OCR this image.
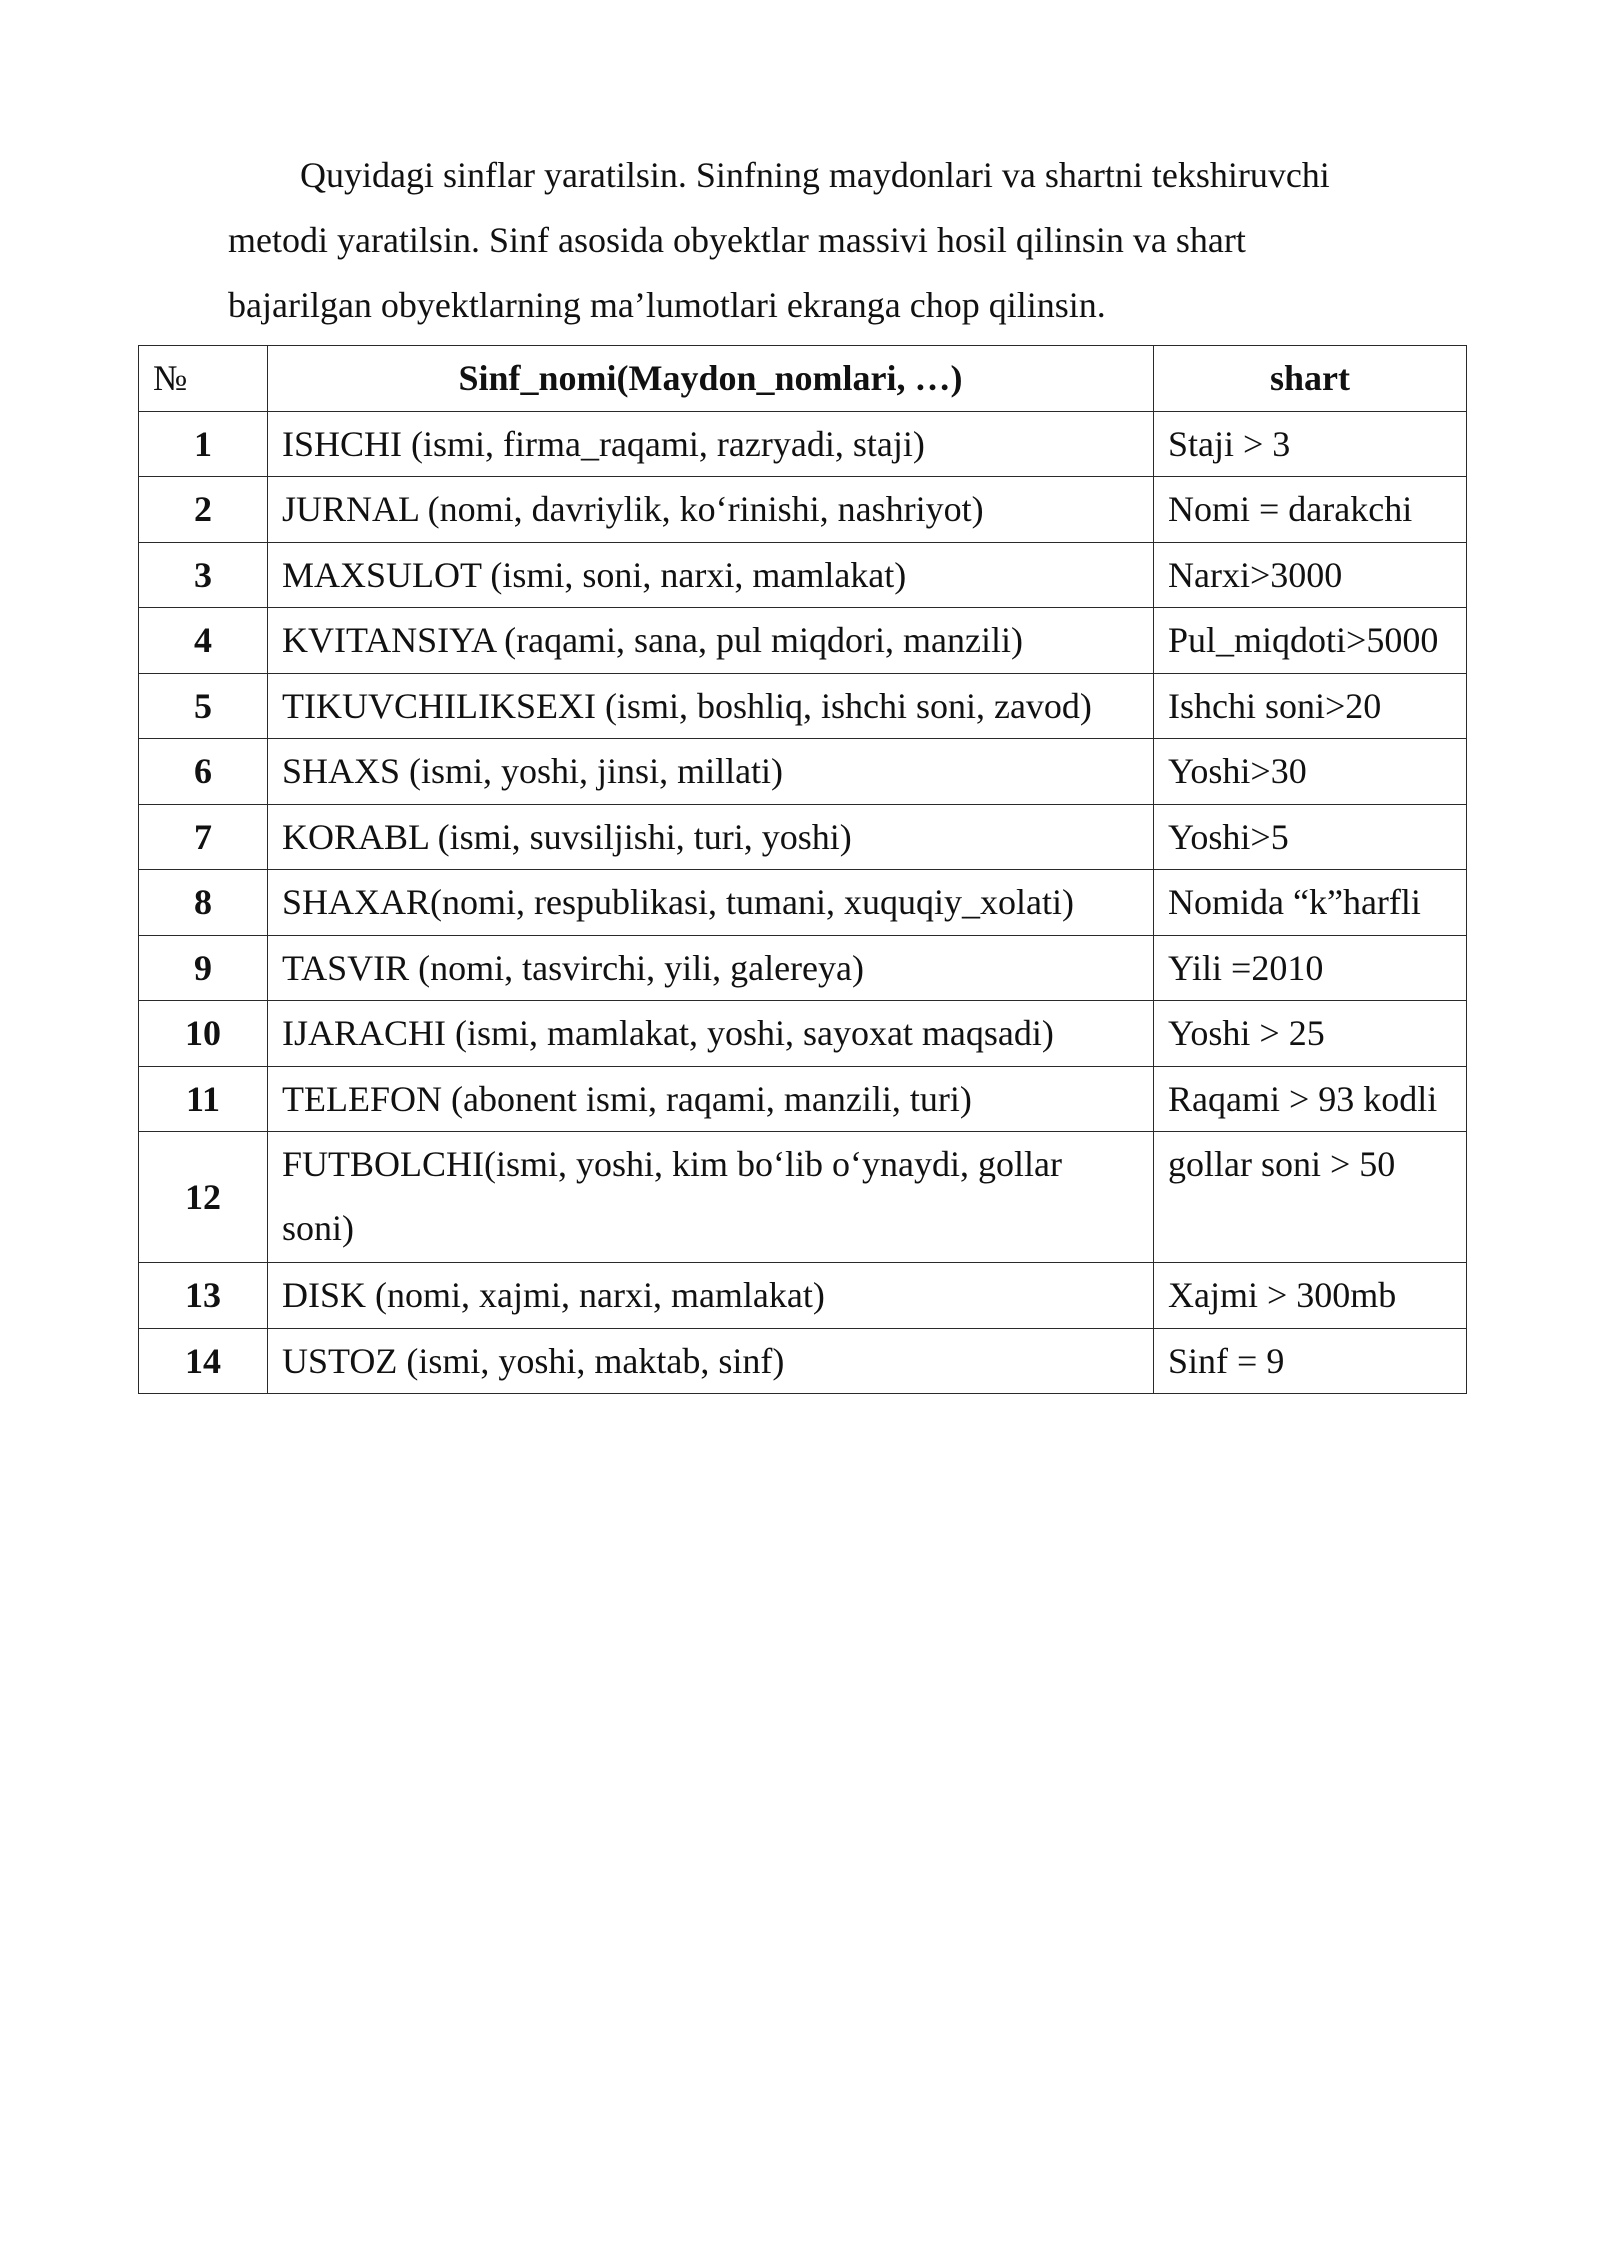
Quyidagi sinflar yaratilsin. Sinfning maydonlari va shartni tekshiruvchi
metodi yaratilsin. Sinf asosida obyektlar massivi hosil qilinsin va shart
bajarilgan obyektlarning ma’lumotlari ekranga chop qilinsin.
№	Sinf_nomi(Maydon_nomlari, …)	shart
1	ISHCHI (ismi, firma_raqami, razryadi, staji)	Staji > 3
2	JURNAL (nomi, davriylik, ko‘rinishi, nashriyot)	Nomi = darakchi
3	MAXSULOT (ismi, soni, narxi, mamlakat)	Narxi>3000
4	KVITANSIYA (raqami, sana, pul miqdori, manzili)	Pul_miqdoti>5000
5	TIKUVCHILIKSEXI (ismi, boshliq, ishchi soni, zavod)	Ishchi soni>20
6	SHAXS (ismi, yoshi, jinsi, millati)	Yoshi>30
7	KORABL (ismi, suvsiljishi, turi, yoshi)	Yoshi>5
8	SHAXAR(nomi, respublikasi, tumani, xuquqiy_xolati)	Nomida “k”harfli
9	TASVIR (nomi, tasvirchi, yili, galereya)	Yili =2010
10	IJARACHI (ismi, mamlakat, yoshi, sayoxat maqsadi)	Yoshi > 25
11	TELEFON (abonent ismi, raqami, manzili, turi)	Raqami > 93 kodli
12	FUTBOLCHI(ismi, yoshi, kim bo‘lib o‘ynaydi, gollar soni)	gollar soni > 50
13	DISK (nomi, xajmi, narxi, mamlakat)	Xajmi > 300mb
14	USTOZ (ismi, yoshi, maktab, sinf)	Sinf = 9
